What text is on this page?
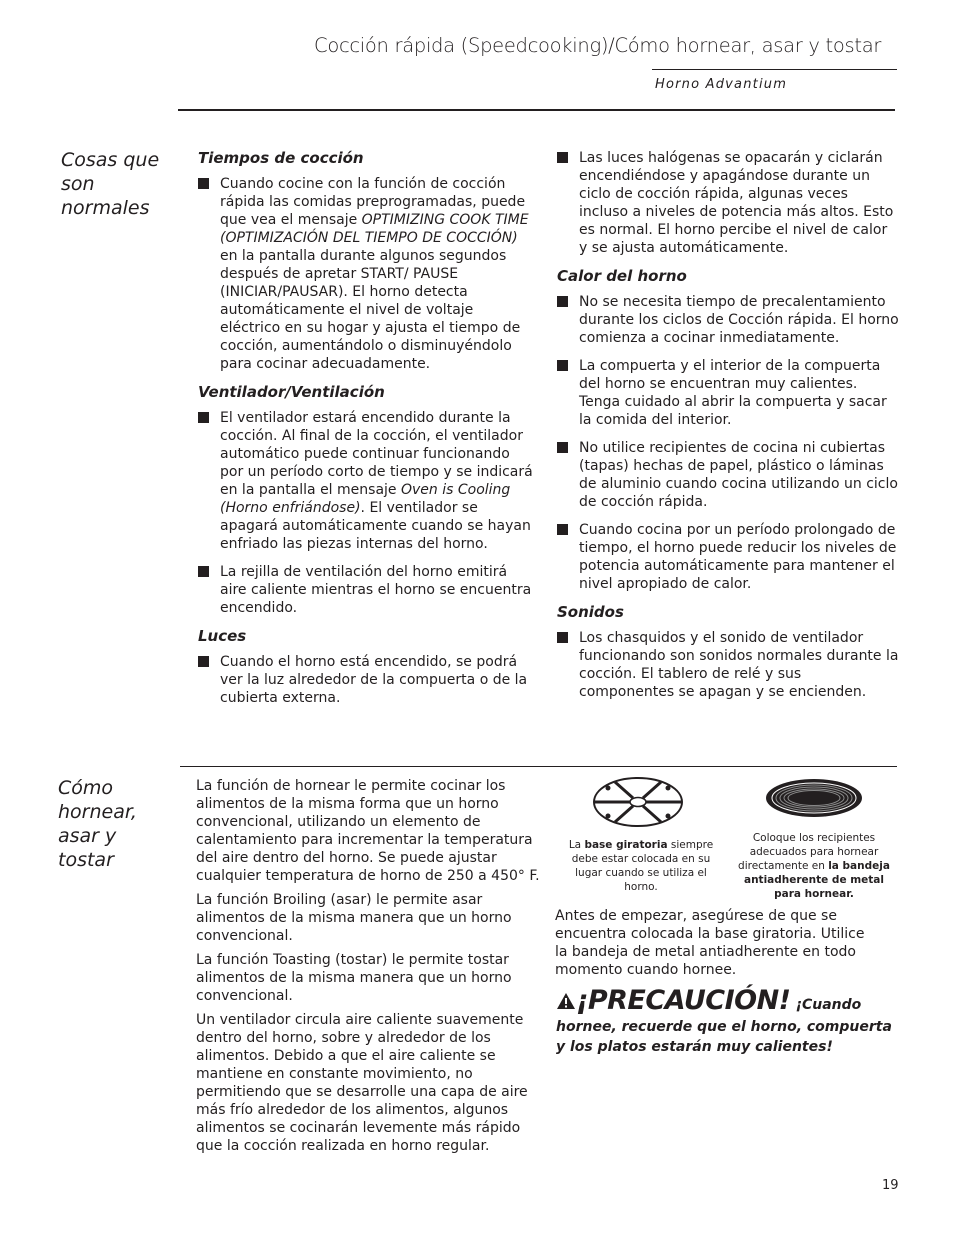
Cocción rápida (Speedcooking)/Cómo hornear, asar y tostar
Horno Advantium
Cosas que son normales
Tiempos de cocción
Cuando cocine con la función de cocción rápida las comidas preprogramadas, puede que vea el mensaje OPTIMIZING COOK TIME (OPTIMIZACIÓN DEL TIEMPO DE COCCIÓN) en la pantalla durante algunos segundos después de apretar START/ PAUSE (INICIAR/PAUSAR). El horno detecta automáticamente el nivel de voltaje eléctrico en su hogar y ajusta el tiempo de cocción, aumentándolo o disminuyéndolo para cocinar adecuadamente.
Ventilador/Ventilación
El ventilador estará encendido durante la cocción. Al final de la cocción, el ventilador automático puede continuar funcionando por un período corto de tiempo y se indicará en la pantalla el mensaje Oven is Cooling (Horno enfriándose). El ventilador se apagará automáticamente cuando se hayan enfriado las piezas internas del horno.
La rejilla de ventilación del horno emitirá aire caliente mientras el horno se encuentra encendido.
Luces
Cuando el horno está encendido, se podrá ver la luz alrededor de la compuerta o de la cubierta externa.
Las luces halógenas se opacarán y ciclarán encendiéndose y apagándose durante un ciclo de cocción rápida, algunas veces incluso a niveles de potencia más altos. Esto es normal. El horno percibe el nivel de calor y se ajusta automáticamente.
Calor del horno
No se necesita tiempo de precalentamiento durante los ciclos de Cocción rápida. El horno comienza a cocinar inmediatamente.
La compuerta y el interior de la compuerta del horno se encuentran muy calientes. Tenga cuidado al abrir la compuerta y sacar la comida del interior.
No utilice recipientes de cocina ni cubiertas (tapas) hechas de papel, plástico o láminas de aluminio cuando cocina utilizando un ciclo de cocción rápida.
Cuando cocina por un período prolongado de tiempo, el horno puede reducir los niveles de potencia automáticamente para mantener el nivel apropiado de calor.
Sonidos
Los chasquidos y el sonido de ventilador funcionando son sonidos normales durante la cocción. El tablero de relé y sus componentes se apagan y se encienden.
Cómo hornear, asar y tostar

La función de hornear le permite cocinar los alimentos de la misma forma que un horno convencional, utilizando un elemento de calentamiento para incrementar la temperatura del aire dentro del horno. Se puede ajustar cualquier temperatura de horno de 250 a 450° F.

La función Broiling (asar) le permite asar alimentos de la misma manera que un horno convencional.

La función Toasting (tostar) le permite tostar alimentos de la misma manera que un horno convencional.

Un ventilador circula aire caliente suavemente dentro del horno, sobre y alrededor de los alimentos. Debido a que el aire caliente se mantiene en constante movimiento, no permitiendo que se desarrolle una capa de aire más frío alrededor de los alimentos, algunos alimentos se cocinarán levemente más rápido que la cocción realizada en horno regular.

La base giratoria siempre debe estar colocada en su lugar cuando se utiliza el horno.
Coloque los recipientes adecuados para hornear directamente en la bandeja antiadherente de metal para hornear.
Antes de empezar, asegúrese de que se encuentra colocada la base giratoria. Utilice la bandeja de metal antiadherente en todo momento cuando hornee.
¡PRECAUCIÓN! ¡Cuando hornee, recuerde que el horno, compuerta y los platos estarán muy calientes!
19
